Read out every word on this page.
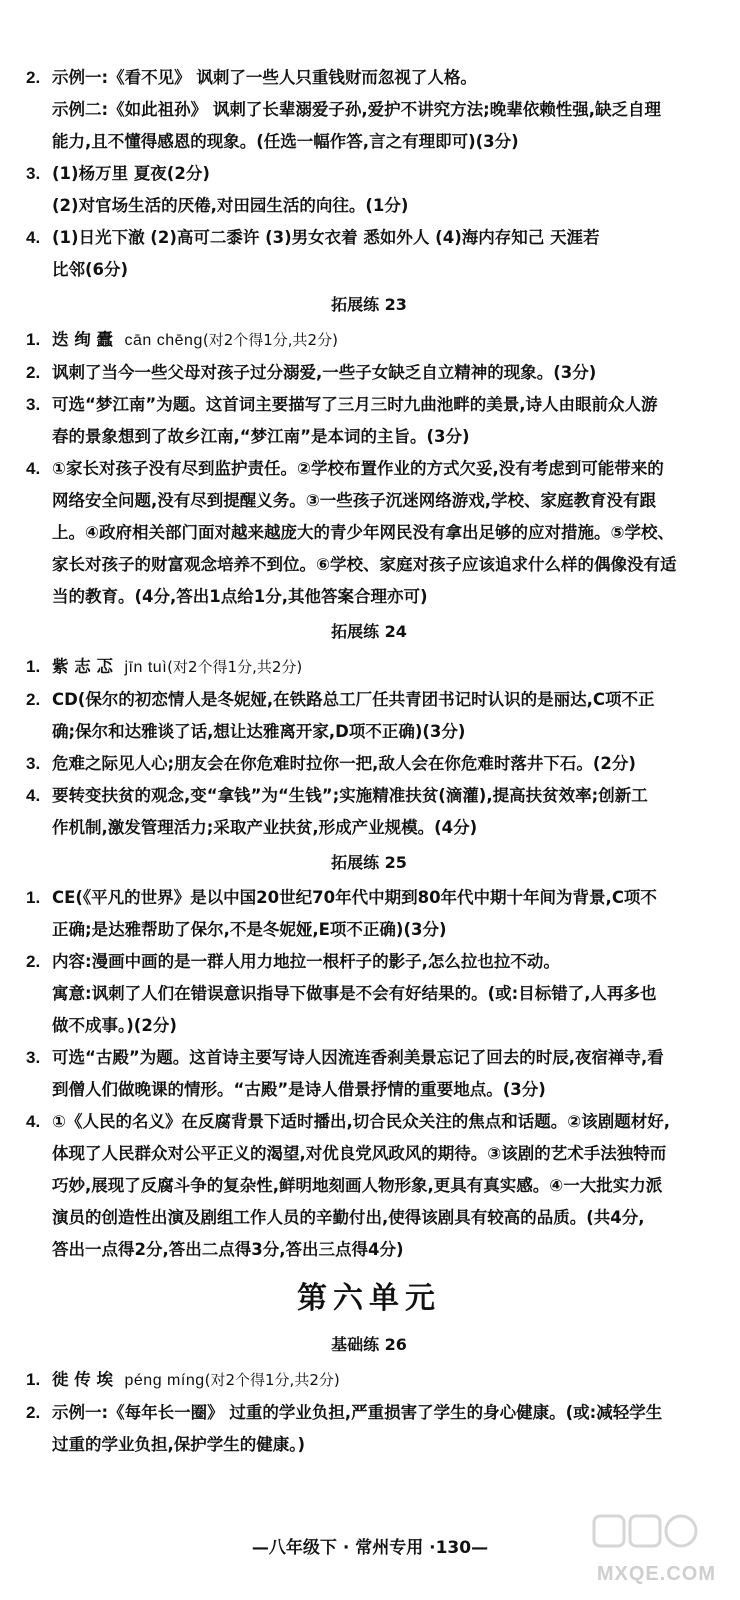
2. 示例一:《看不见》 讽刺了一些人只重钱财而忽视了人格。
示例二:《如此祖孙》 讽刺了长辈溺爱子孙,爱护不讲究方法;晚辈依赖性强,缺乏自理
能力,且不懂得感恩的现象。(任选一幅作答,言之有理即可)(3分)
3. (1)杨万里 夏夜(2分)
(2)对官场生活的厌倦,对田园生活的向往。(1分)
4. (1)日光下澈 (2)高可二黍许 (3)男女衣着 悉如外人 (4)海内存知己 天涯若
比邻(6分)
拓展练 23
1. 迭 绚 蠹 cān chēng(对2个得1分,共2分)
2. 讽刺了当今一些父母对孩子过分溺爱,一些子女缺乏自立精神的现象。(3分)
3. 可选“梦江南”为题。这首词主要描写了三月三时九曲池畔的美景,诗人由眼前众人游
春的景象想到了故乡江南,“梦江南”是本词的主旨。(3分)
4. ①家长对孩子没有尽到监护责任。②学校布置作业的方式欠妥,没有考虑到可能带来的
网络安全问题,没有尽到提醒义务。③一些孩子沉迷网络游戏,学校、家庭教育没有跟
上。④政府相关部门面对越来越庞大的青少年网民没有拿出足够的应对措施。⑤学校、
家长对孩子的财富观念培养不到位。⑥学校、家庭对孩子应该追求什么样的偶像没有适
当的教育。(4分,答出1点给1分,其他答案合理亦可)
拓展练 24
1. 紫 志 忑 jīn tuì(对2个得1分,共2分)
2. CD(保尔的初恋情人是冬妮娅,在铁路总工厂任共青团书记时认识的是丽达,C项不正
确;保尔和达雅谈了话,想让达雅离开家,D项不正确)(3分)
3. 危难之际见人心;朋友会在你危难时拉你一把,敌人会在你危难时落井下石。(2分)
4. 要转变扶贫的观念,变“拿钱”为“生钱”;实施精准扶贫(滴灌),提高扶贫效率;创新工
作机制,激发管理活力;采取产业扶贫,形成产业规模。(4分)
拓展练 25
1. CE(《平凡的世界》是以中国20世纪70年代中期到80年代中期十年间为背景,C项不
正确;是达雅帮助了保尔,不是冬妮娅,E项不正确)(3分)
2. 内容:漫画中画的是一群人用力地拉一根杆子的影子,怎么拉也拉不动。
寓意:讽刺了人们在错误意识指导下做事是不会有好结果的。(或:目标错了,人再多也
做不成事。)(2分)
3. 可选“古殿”为题。这首诗主要写诗人因流连香刹美景忘记了回去的时辰,夜宿禅寺,看
到僧人们做晚课的情形。“古殿”是诗人借景抒情的重要地点。(3分)
4. ①《人民的名义》在反腐背景下适时播出,切合民众关注的焦点和话题。②该剧题材好,
体现了人民群众对公平正义的渴望,对优良党风政风的期待。③该剧的艺术手法独特而
巧妙,展现了反腐斗争的复杂性,鲜明地刻画人物形象,更具有真实感。④一大批实力派
演员的创造性出演及剧组工作人员的辛勤付出,使得该剧具有较高的品质。(共4分,
答出一点得2分,答出二点得3分,答出三点得4分)
第六单元
基础练 26
1. 徙 传 埃 péng míng(对2个得1分,共2分)
2. 示例一:《每年长一圈》 过重的学业负担,严重损害了学生的身心健康。(或:减轻学生
过重的学业负担,保护学生的健康。)
—八年级下 · 常州专用 ·130—
MXQE.COM
